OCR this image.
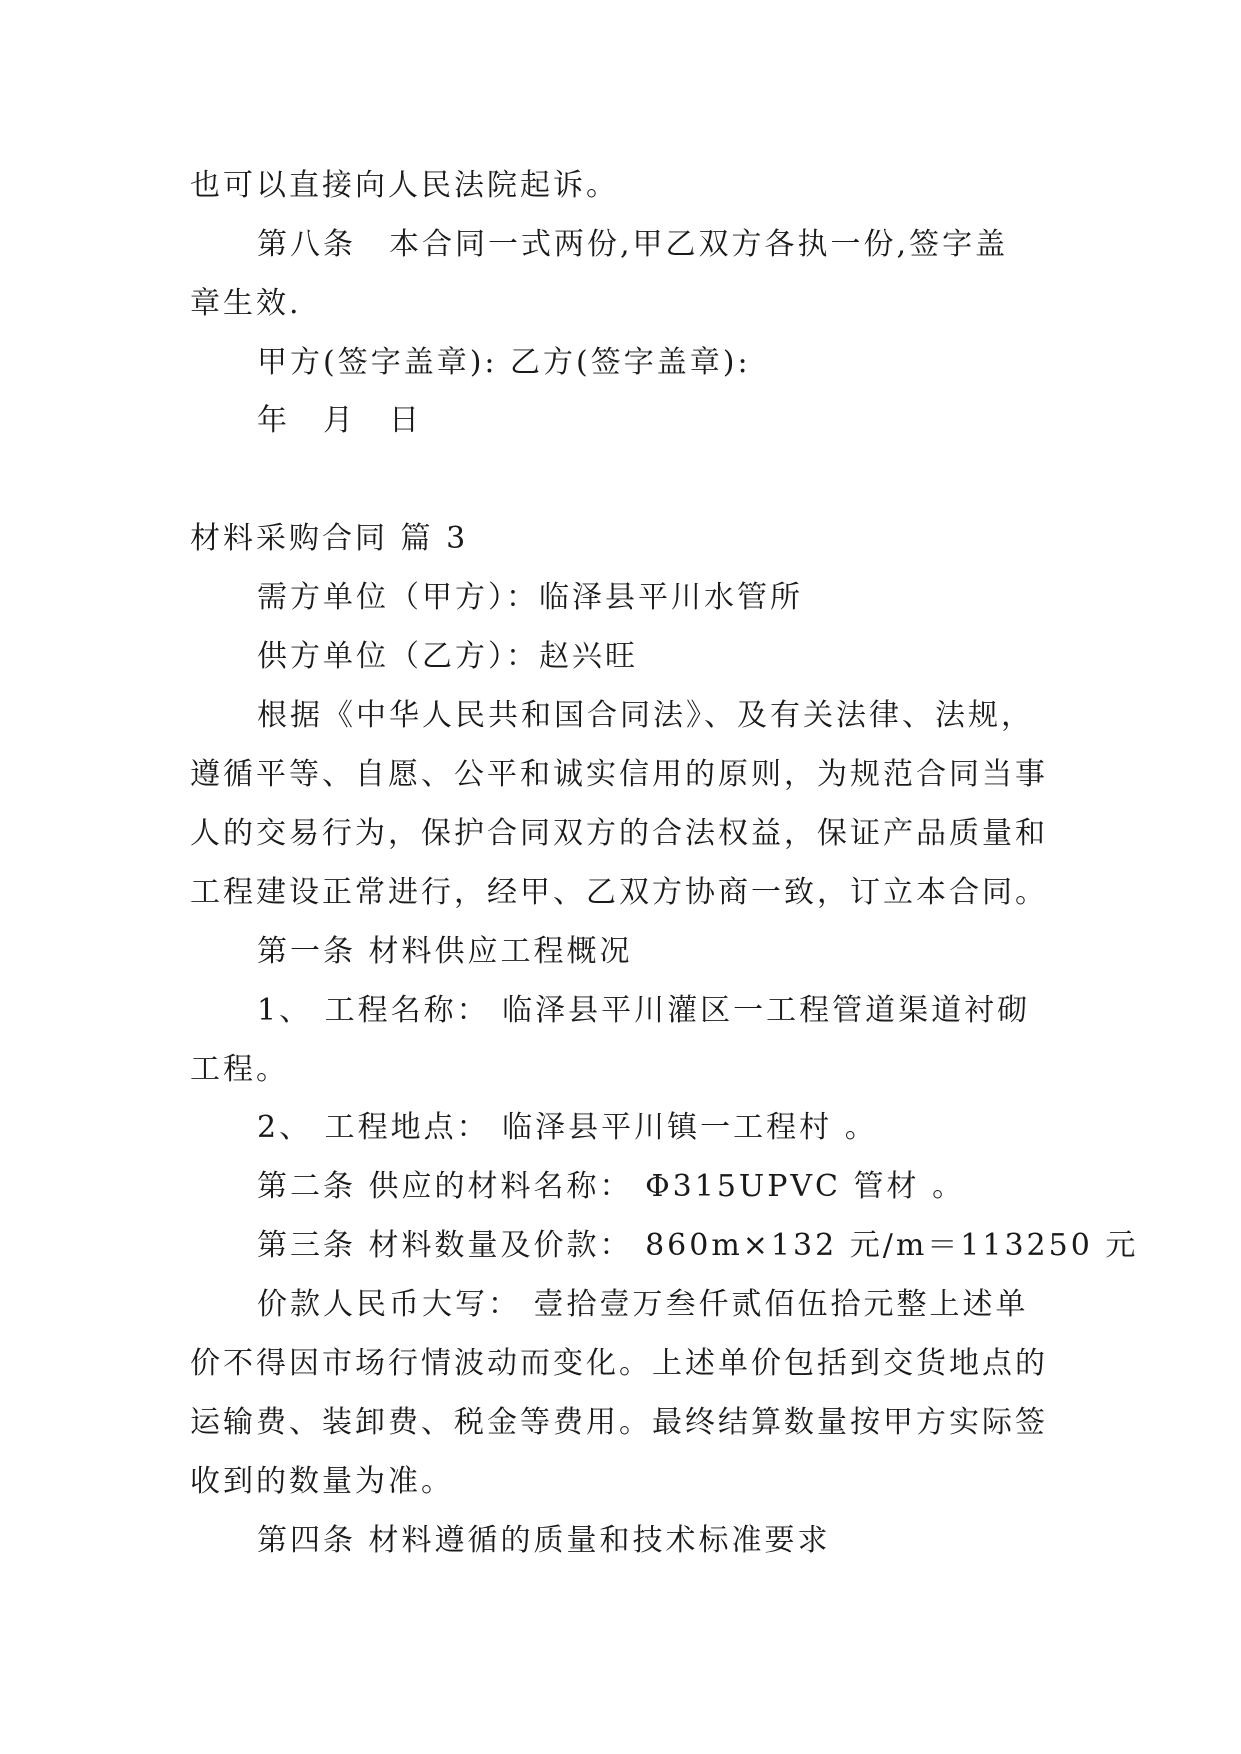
也可以直接向人民法院起诉。
第八条　本合同一式两份,甲乙双方各执一份,签字盖
章生效.
甲方(签字盖章): 乙方(签字盖章):
年　月　日
材料采购合同 篇 3
需方单位（甲方）：临泽县平川水管所
供方单位（乙方）：赵兴旺
根据《中华人民共和国合同法》、及有关法律、法规，
遵循平等、自愿、公平和诚实信用的原则，为规范合同当事
人的交易行为，保护合同双方的合法权益，保证产品质量和
工程建设正常进行，经甲、乙双方协商一致，订立本合同。
第一条 材料供应工程概况
1、 工程名称： 临泽县平川灌区一工程管道渠道衬砌
工程。
2、 工程地点： 临泽县平川镇一工程村 。
第二条 供应的材料名称： Φ315UPVC 管材 。
第三条 材料数量及价款： 860m×132 元/m＝113250 元
价款人民币大写： 壹拾壹万叁仟贰佰伍拾元整上述单
价不得因市场行情波动而变化。上述单价包括到交货地点的
运输费、装卸费、税金等费用。最终结算数量按甲方实际签
收到的数量为准。
第四条 材料遵循的质量和技术标准要求
